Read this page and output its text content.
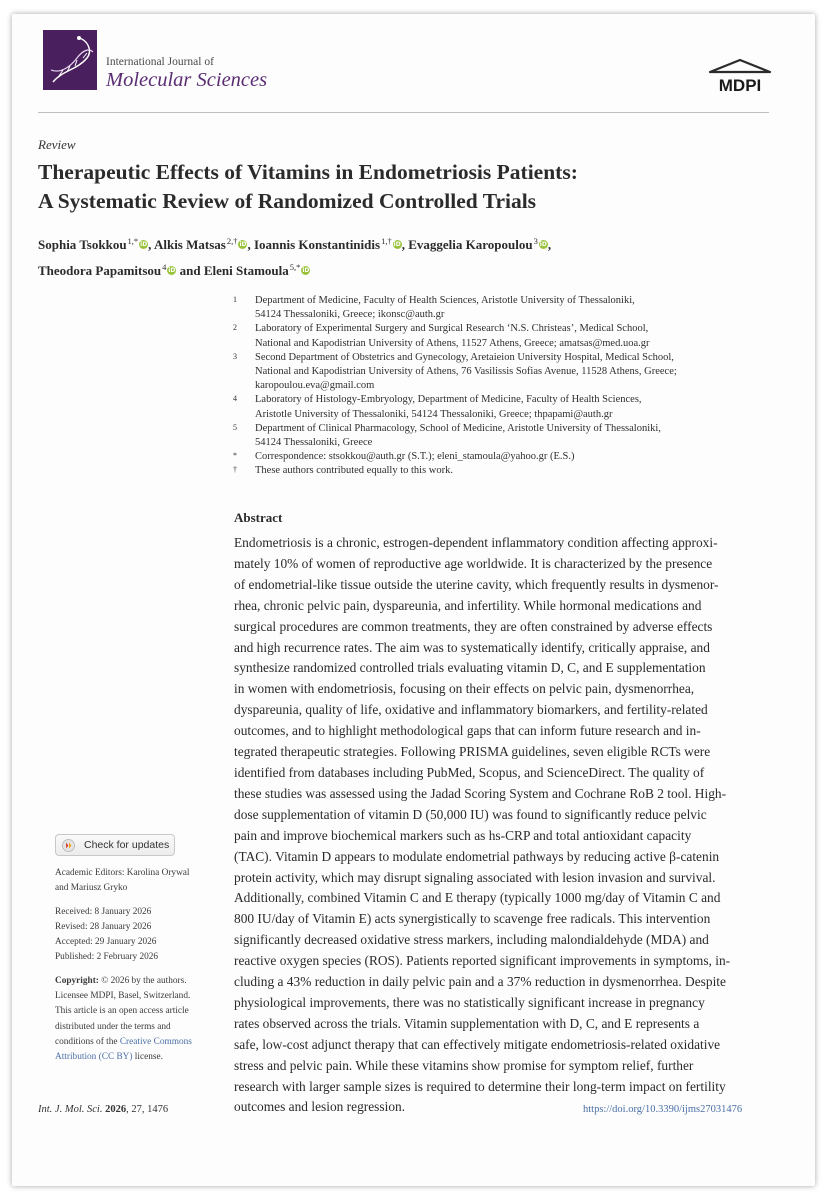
International Journal of
Molecular Sciences	MDPI
Review
Therapeutic Effects of Vitamins in Endometriosis Patients:
A Systematic Review of Randomized Controlled Trials
Sophia Tsokkou$^{1,*}$ iD, Alkis Matsas$^{2,\dagger}$ iD, Ioannis Konstantinidis$^{1,\dagger}$ iD, Evaggelia Karopoulou$^3$ iD,
Theodora Papamitsou$^4$ iD and Eleni Stamoula$^{5,*}$ iD
1	Department of Medicine, Faculty of Health Sciences, Aristotle University of Thessaloniki,
54124 Thessaloniki, Greece; ikonsc@auth.gr
2	Laboratory of Experimental Surgery and Surgical Research ‘N.S. Christeas’, Medical School,
National and Kapodistrian University of Athens, 11527 Athens, Greece; amatsas@med.uoa.gr
3	Second Department of Obstetrics and Gynecology, Aretaieion University Hospital, Medical School,
National and Kapodistrian University of Athens, 76 Vasilissis Sofias Avenue, 11528 Athens, Greece;
karopoulou.eva@gmail.com
4	Laboratory of Histology-Embryology, Department of Medicine, Faculty of Health Sciences,
Aristotle University of Thessaloniki, 54124 Thessaloniki, Greece; thpapami@auth.gr
5	Department of Clinical Pharmacology, School of Medicine, Aristotle University of Thessaloniki,
54124 Thessaloniki, Greece
*	Correspondence: stsokkou@auth.gr (S.T.); eleni_stamoula@yahoo.gr (E.S.)
†	These authors contributed equally to this work.
Abstract
Endometriosis is a chronic, estrogen-dependent inflammatory condition affecting approxi-
mately 10% of women of reproductive age worldwide. It is characterized by the presence
of endometrial-like tissue outside the uterine cavity, which frequently results in dysmenor-
rhea, chronic pelvic pain, dyspareunia, and infertility. While hormonal medications and
surgical procedures are common treatments, they are often constrained by adverse effects
and high recurrence rates. The aim was to systematically identify, critically appraise, and
synthesize randomized controlled trials evaluating vitamin D, C, and E supplementation
in women with endometriosis, focusing on their effects on pelvic pain, dysmenorrhea,
dyspareunia, quality of life, oxidative and inflammatory biomarkers, and fertility-related
outcomes, and to highlight methodological gaps that can inform future research and in-
tegrated therapeutic strategies. Following PRISMA guidelines, seven eligible RCTs were
identified from databases including PubMed, Scopus, and ScienceDirect. The quality of
these studies was assessed using the Jadad Scoring System and Cochrane RoB 2 tool. High-
dose supplementation of vitamin D (50,000 IU) was found to significantly reduce pelvic
pain and improve biochemical markers such as hs-CRP and total antioxidant capacity
(TAC). Vitamin D appears to modulate endometrial pathways by reducing active β-catenin
protein activity, which may disrupt signaling associated with lesion invasion and survival.
Additionally, combined Vitamin C and E therapy (typically 1000 mg/day of Vitamin C and
800 IU/day of Vitamin E) acts synergistically to scavenge free radicals. This intervention
significantly decreased oxidative stress markers, including malondialdehyde (MDA) and
reactive oxygen species (ROS). Patients reported significant improvements in symptoms, in-
cluding a 43% reduction in daily pelvic pain and a 37% reduction in dysmenorrhea. Despite
physiological improvements, there was no statistically significant increase in pregnancy
rates observed across the trials. Vitamin supplementation with D, C, and E represents a
safe, low-cost adjunct therapy that can effectively mitigate endometriosis-related oxidative
stress and pelvic pain. While these vitamins show promise for symptom relief, further
research with larger sample sizes is required to determine their long-term impact on fertility
outcomes and lesion regression.
Check for updates
Academic Editors: Karolina Orywal
and Mariusz Gryko
Received: 8 January 2026
Revised: 28 January 2026
Accepted: 29 January 2026
Published: 2 February 2026
Copyright: © 2026 by the authors.
Licensee MDPI, Basel, Switzerland.
This article is an open access article
distributed under the terms and
conditions of the Creative Commons
Attribution (CC BY) license.
Int. J. Mol. Sci. 2026, 27, 1476	https://doi.org/10.3390/ijms27031476
